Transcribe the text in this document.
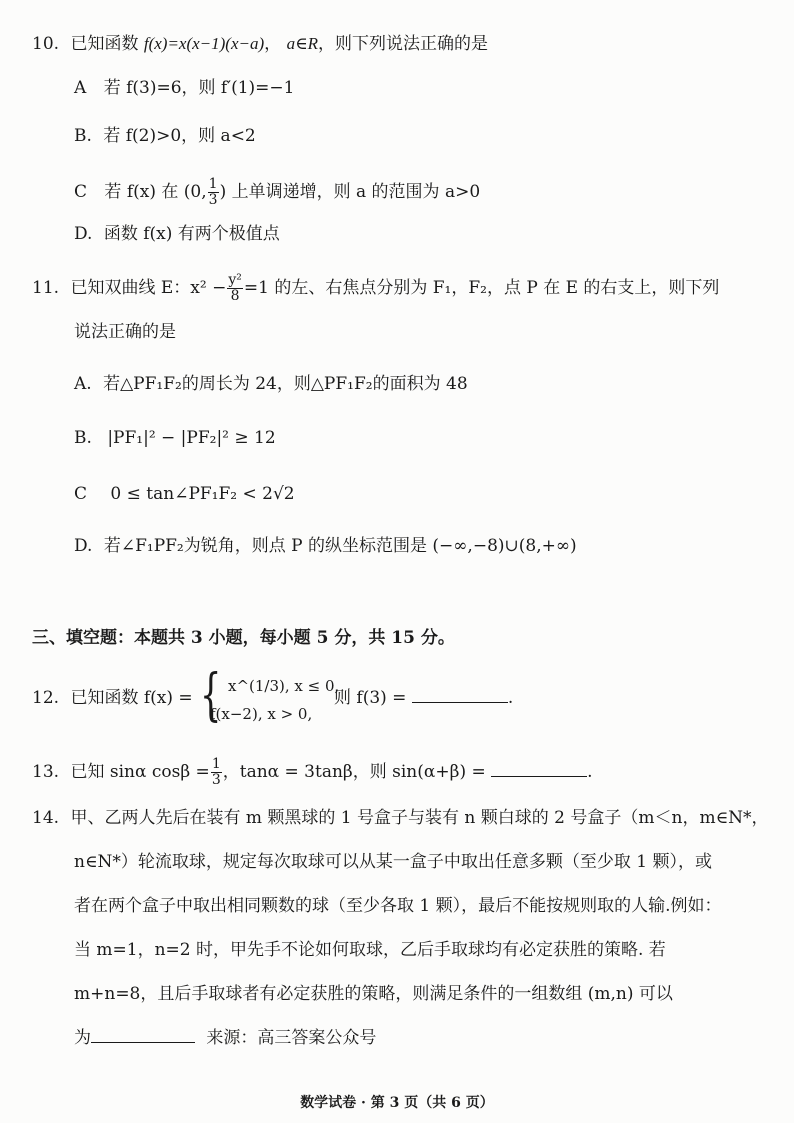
10. 已知函数 f(x)=x(x−1)(x−a)， a∈R，则下列说法正确的是
A 若 f(3)=6，则 f′(1)=−1
B. 若 f(2)>0，则 a<2
C 若 f(x) 在 (0, $\frac{1}{3}$ ) 上单调递增，则 a 的范围为 a>0
D. 函数 f(x) 有两个极值点
11. 已知双曲线 E：$x^2 - \frac{\text{y²}}{8} =1$ 的左、右焦点分别为 F₁，F₂，点 P 在 E 的右支上，则下列
说法正确的是
A. 若△PF₁F₂的周长为 24，则△PF₁F₂的面积为 48
B. |PF₁|² − |PF₂|² ≥ 12
C 0 ≤ tan∠PF₁F₂ < 2√2
D. 若∠F₁PF₂为锐角，则点 P 的纵坐标范围是 (−∞,−8)∪(8,+∞)
三、填空题：本题共 3 小题，每小题 5 分，共 15 分。
12. 已知函数 f(x) = { x^(1/3), x ≤ 0,
f(x−2), x > 0,
则 f(3) =	.
13. 已知 sinα $\cos\beta = \frac{1}{3}$ ，tanα = 3tanβ，则 sin(α+β) =	.
14. 甲、乙两人先后在装有 m 颗黑球的 1 号盒子与装有 n 颗白球的 2 号盒子（m＜n，m∈N*，
n∈N*）轮流取球，规定每次取球可以从某一盒子中取出任意多颗（至少取 1 颗），或
者在两个盒子中取出相同颗数的球（至少各取 1 颗），最后不能按规则取的人输.例如：
当 m=1，n=2 时，甲先手不论如何取球，乙后手取球均有必定获胜的策略. 若
m+n=8，且后手取球者有必定获胜的策略，则满足条件的一组数组 (m,n) 可以
为	来源：高三答案公众号
数学试卷 · 第 3 页（共 6 页）
